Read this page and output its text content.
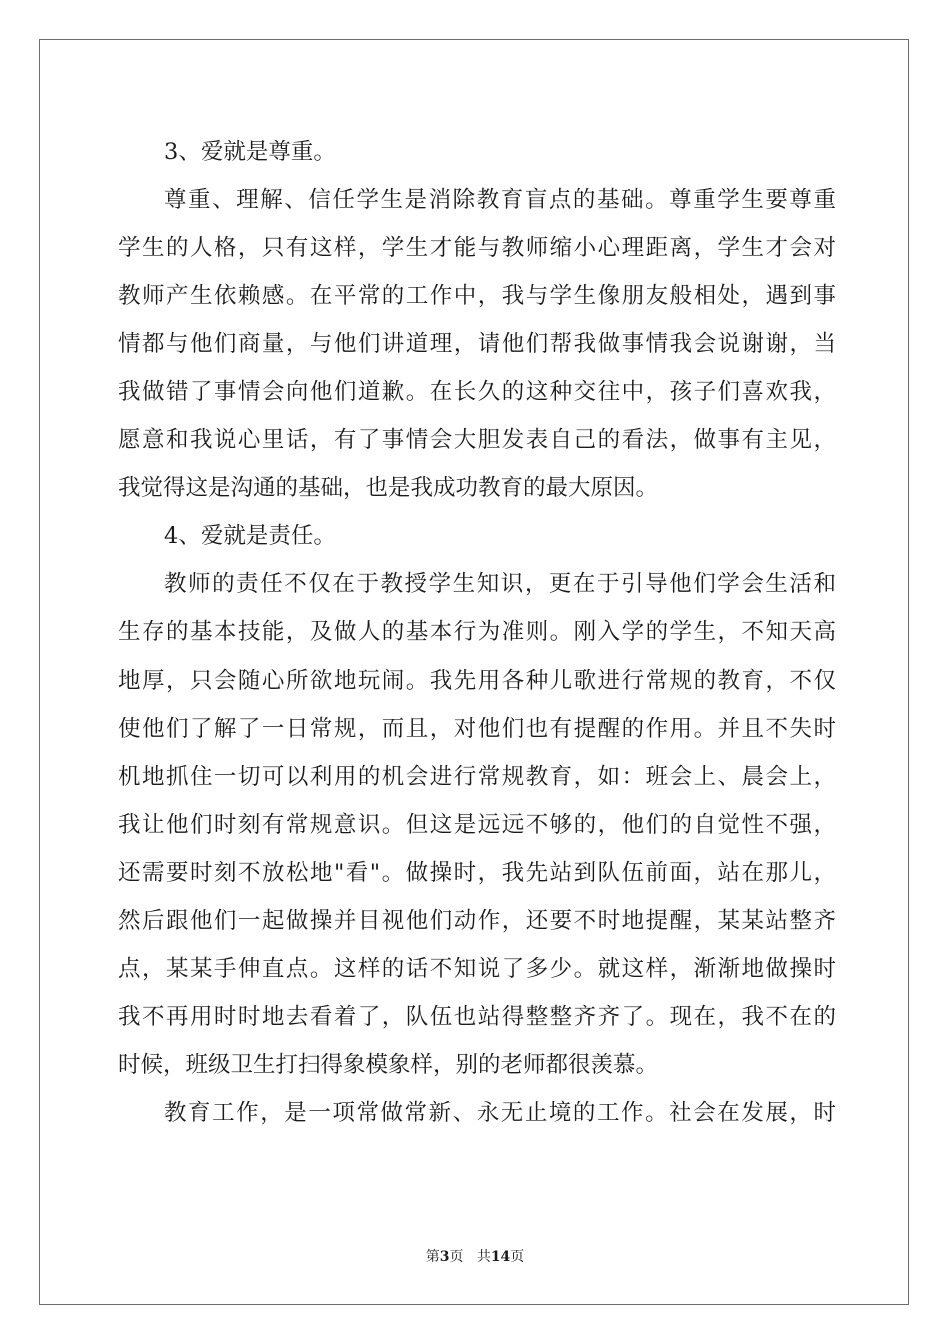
3、爱就是尊重。
尊重、理解、信任学生是消除教育盲点的基础。尊重学生要尊重
学生的人格，只有这样，学生才能与教师缩小心理距离，学生才会对
教师产生依赖感。在平常的工作中，我与学生像朋友般相处，遇到事
情都与他们商量，与他们讲道理，请他们帮我做事情我会说谢谢，当
我做错了事情会向他们道歉。在长久的这种交往中，孩子们喜欢我，
愿意和我说心里话，有了事情会大胆发表自己的看法，做事有主见，
我觉得这是沟通的基础，也是我成功教育的最大原因。
4、爱就是责任。
教师的责任不仅在于教授学生知识，更在于引导他们学会生活和
生存的基本技能，及做人的基本行为准则。刚入学的学生，不知天高
地厚，只会随心所欲地玩闹。我先用各种儿歌进行常规的教育，不仅
使他们了解了一日常规，而且，对他们也有提醒的作用。并且不失时
机地抓住一切可以利用的机会进行常规教育，如：班会上、晨会上，
我让他们时刻有常规意识。但这是远远不够的，他们的自觉性不强，
还需要时刻不放松地"看"。做操时，我先站到队伍前面，站在那儿，
然后跟他们一起做操并目视他们动作，还要不时地提醒，某某站整齐
点，某某手伸直点。这样的话不知说了多少。就这样，渐渐地做操时
我不再用时时地去看着了，队伍也站得整整齐齐了。现在，我不在的
时候，班级卫生打扫得象模象样，别的老师都很羡慕。
教育工作，是一项常做常新、永无止境的工作。社会在发展，时
第3页 共14页
